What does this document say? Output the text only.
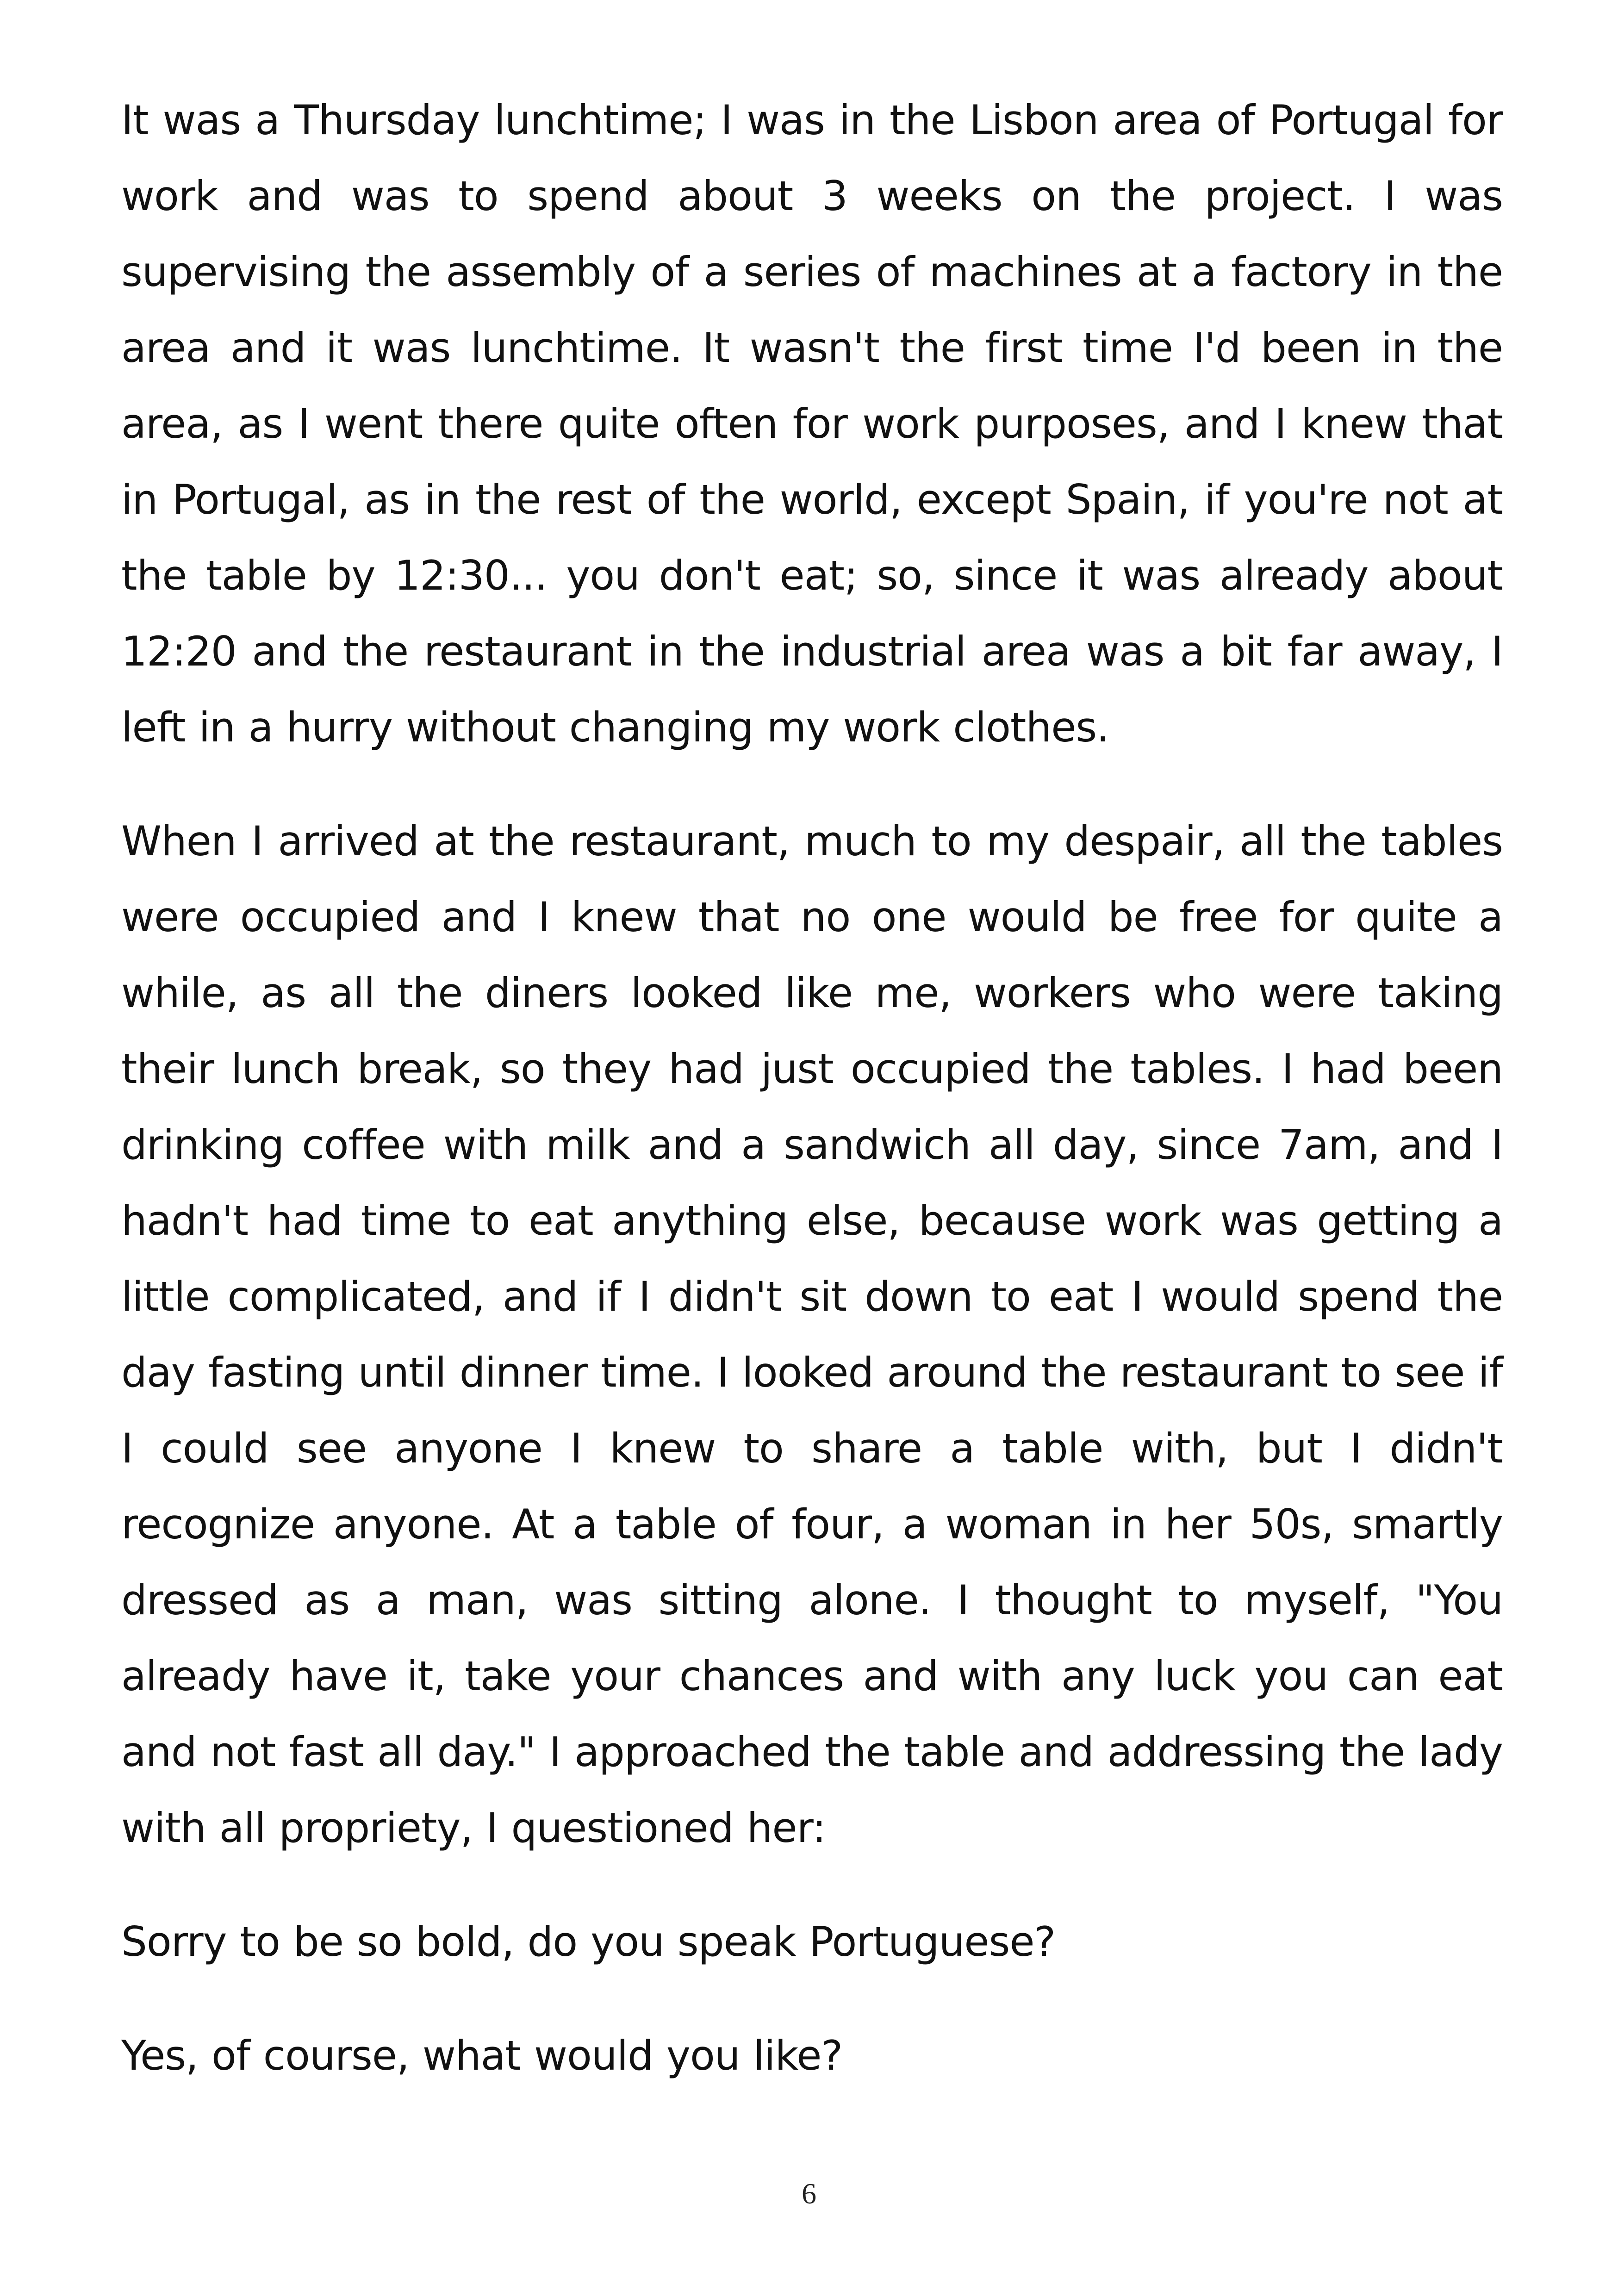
It was a Thursday lunchtime; I was in the Lisbon area of Portugal for work and was to spend about 3 weeks on the project. I was supervising the assembly of a series of machines at a factory in the area and it was lunchtime. It wasn't the first time I'd been in the area, as I went there quite often for work purposes, and I knew that in Portugal, as in the rest of the world, except Spain, if you're not at the table by 12:30... you don't eat; so, since it was already about 12:20 and the restaurant in the industrial area was a bit far away, I left in a hurry without changing my work clothes.

When I arrived at the restaurant, much to my despair, all the tables were occupied and I knew that no one would be free for quite a while, as all the diners looked like me, workers who were taking their lunch break, so they had just occupied the tables. I had been drinking coffee with milk and a sandwich all day, since 7am, and I hadn't had time to eat anything else, because work was getting a little complicated, and if I didn't sit down to eat I would spend the day fasting until dinner time. I looked around the restaurant to see if I could see anyone I knew to share a table with, but I didn't recognize anyone. At a table of four, a woman in her 50s, smartly dressed as a man, was sitting alone. I thought to myself, "You already have it, take your chances and with any luck you can eat and not fast all day." I approached the table and addressing the lady with all propriety, I questioned her:

Sorry to be so bold, do you speak Portuguese?

Yes, of course, what would you like?

6
